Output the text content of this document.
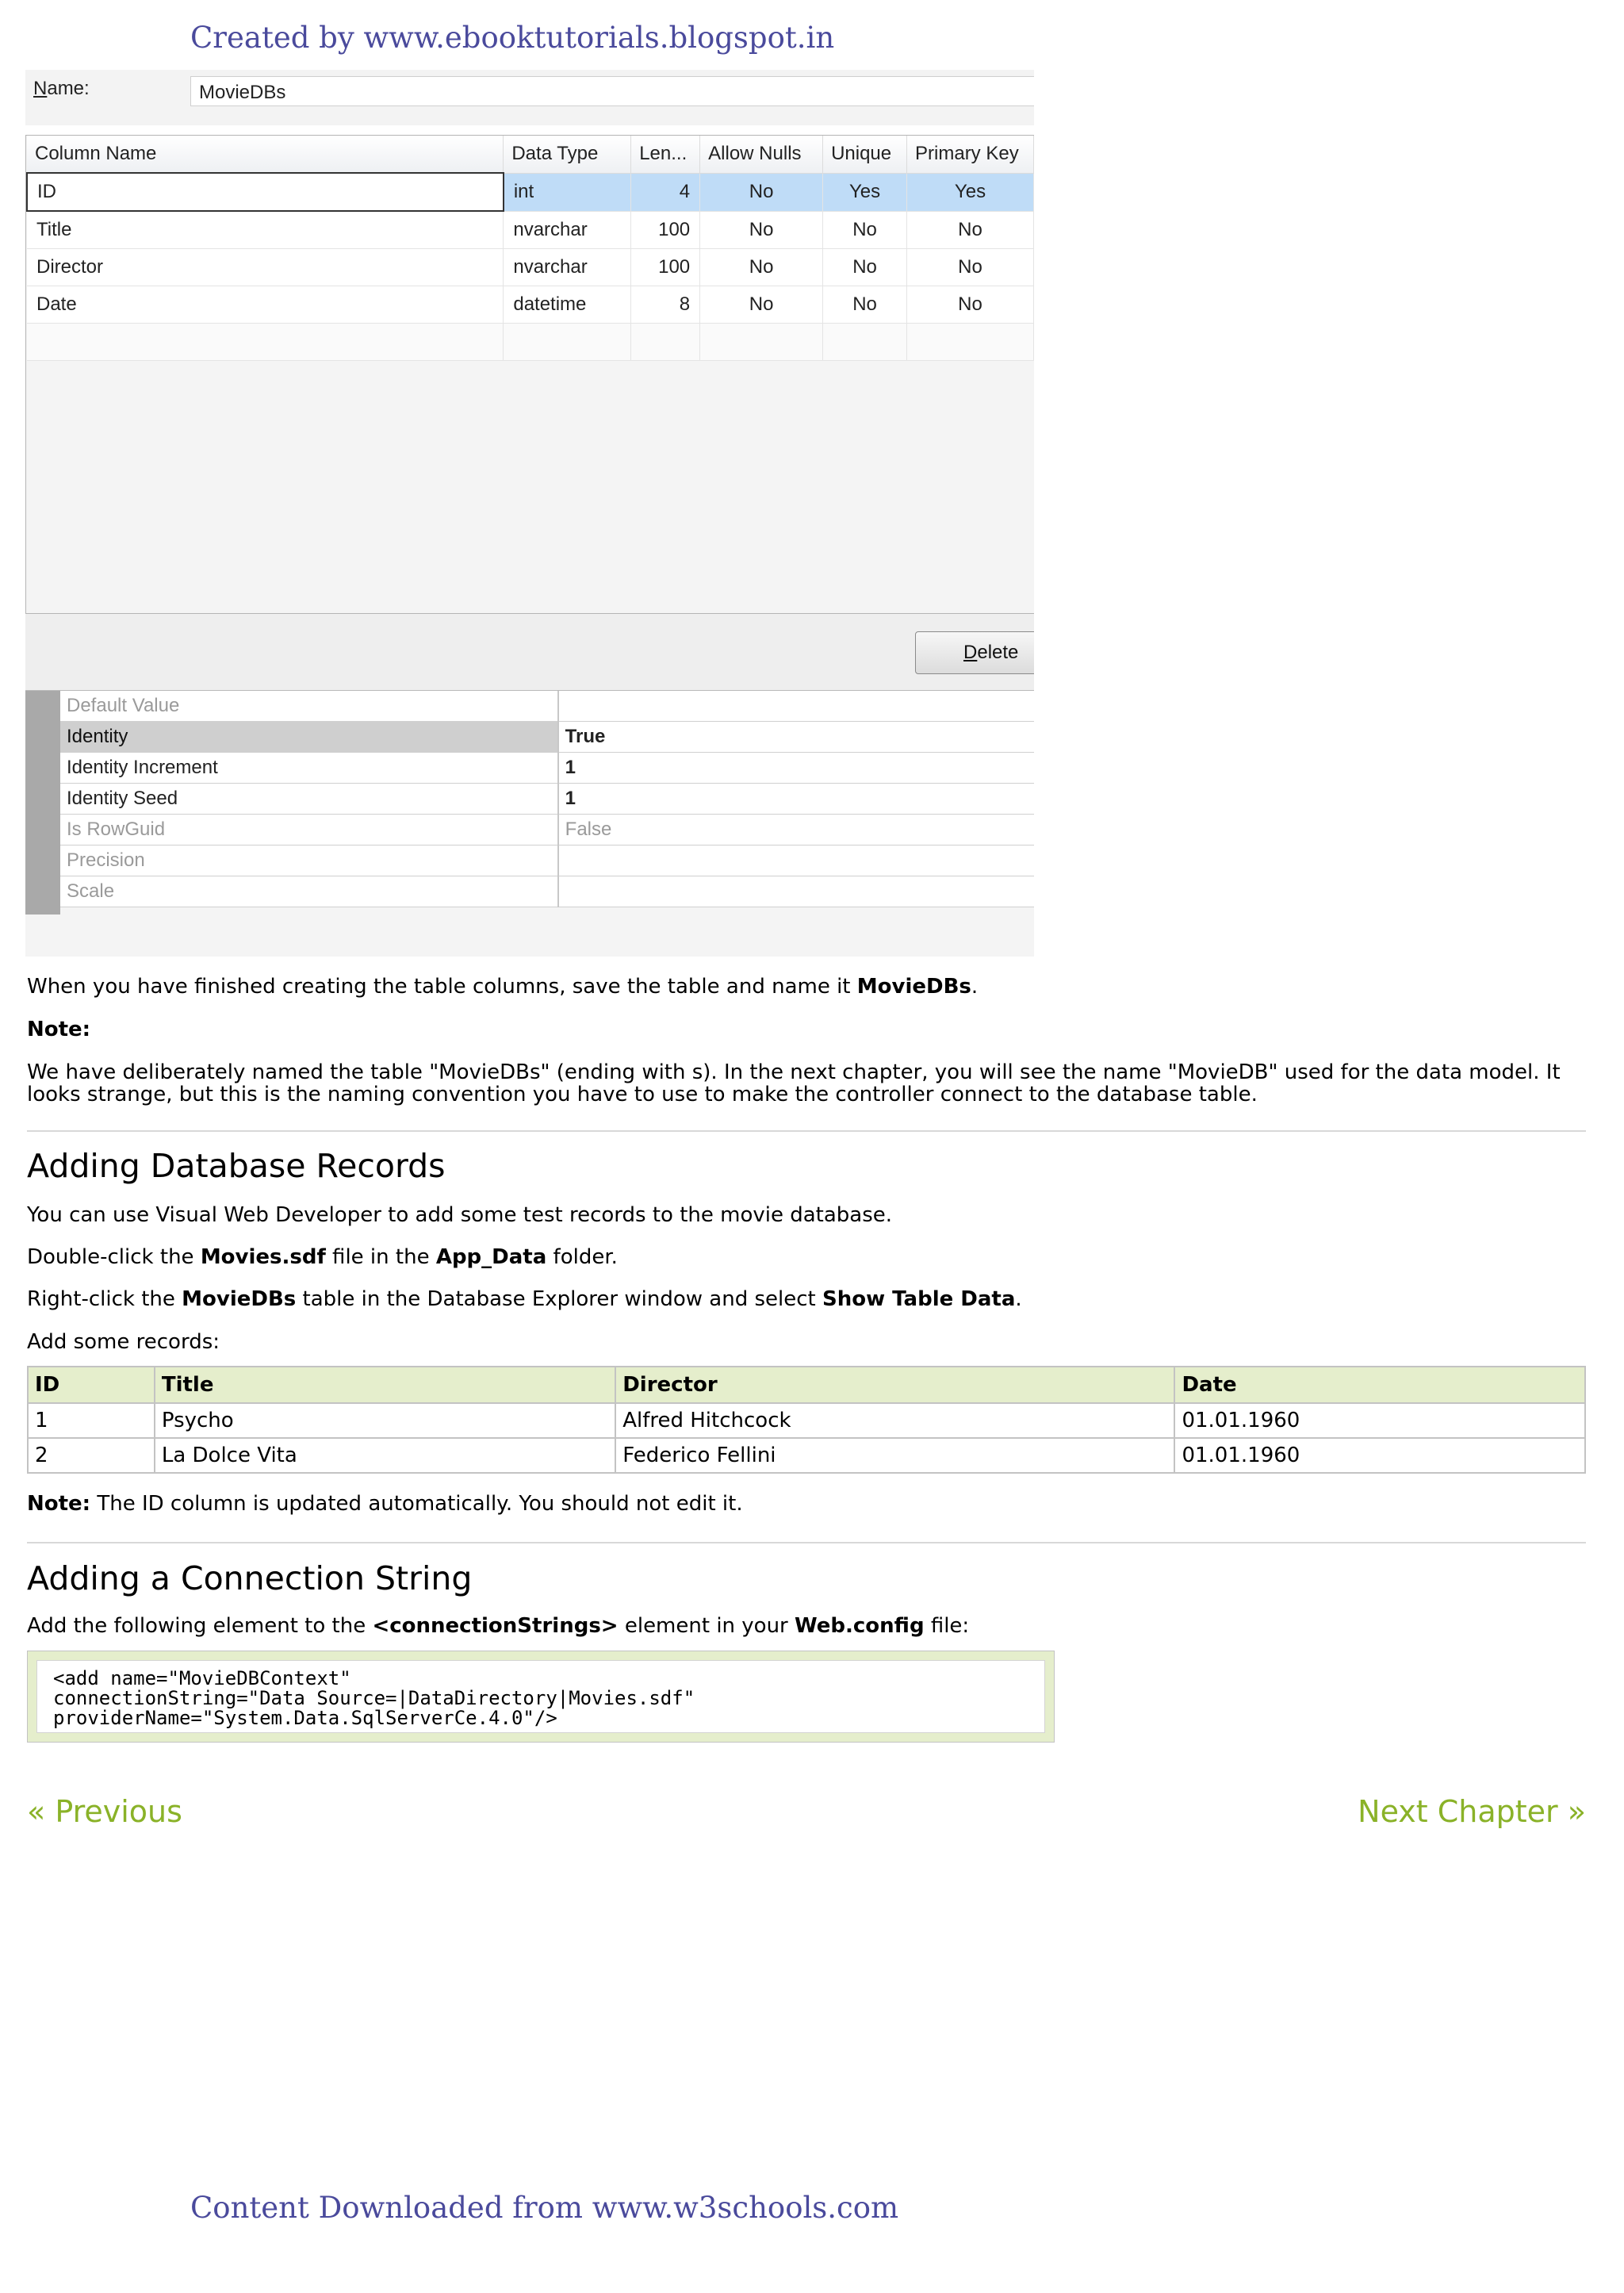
Created by www.ebooktutorials.blogspot.in
Name:	MovieDBs
Column Name	Data Type	Len...	Allow Nulls	Unique	Primary Key
ID	int	4	No	Yes	Yes
Title	nvarchar	100	No	No	No
Director	nvarchar	100	No	No	No
Date	datetime	8	No	No	No

Delete
Default Value	
Identity	True
Identity Increment	1
Identity Seed	1
Is RowGuid	False
Precision	
Scale	
When you have finished creating the table columns, save the table and name it MovieDBs.
Note:
We have deliberately named the table "MovieDBs" (ending with s). In the next chapter, you will see the name "MovieDB" used for the data model. It looks strange, but this is the naming convention you have to use to make the controller connect to the database table.
Adding Database Records
You can use Visual Web Developer to add some test records to the movie database.
Double-click the Movies.sdf file in the App_Data folder.
Right-click the MovieDBs table in the Database Explorer window and select Show Table Data.
Add some records:
ID	Title	Director	Date
1	Psycho	Alfred Hitchcock	01.01.1960
2	La Dolce Vita	Federico Fellini	01.01.1960
Note: The ID column is updated automatically. You should not edit it.
Adding a Connection String
Add the following element to the <connectionStrings> element in your Web.config file:
<add name="MovieDBContext"
connectionString="Data Source=|DataDirectory|Movies.sdf"
providerName="System.Data.SqlServerCe.4.0"/>
« Previous	Next Chapter »
Content Downloaded from www.w3schools.com
